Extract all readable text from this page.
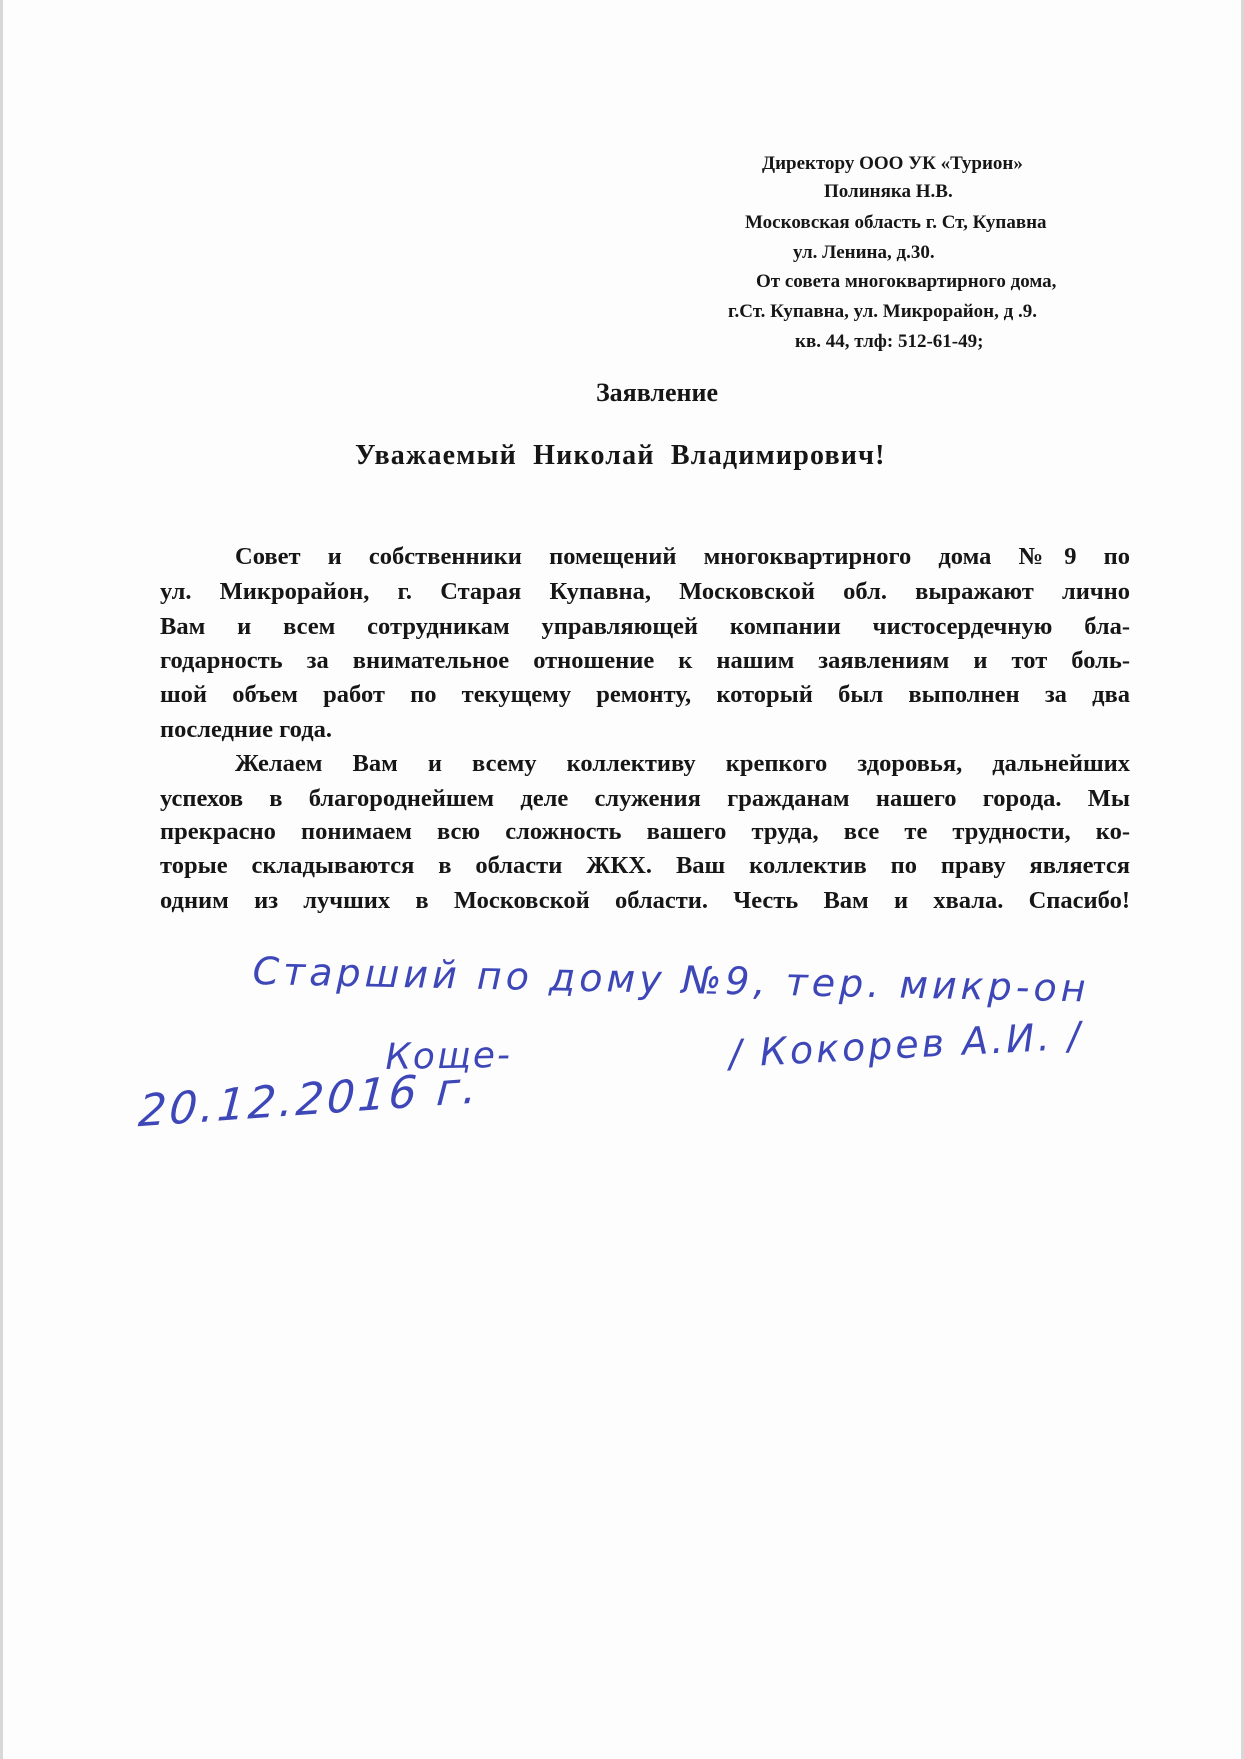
Директору ООО УК «Турион»
Полиняка Н.В.
Московская область г. Ст, Купавна
ул. Ленина, д.30.
От совета многоквартирного дома,
г.Ст. Купавна, ул. Микрорайон, д .9.
кв. 44, тлф: 512-61-49;
Заявление
Уважаемый Николай Владимирович!
Совет и собственники помещений многоквартирного дома №9 по
ул. Микрорайон, г. Старая Купавна, Московской обл. выражают лично
Вам и всем сотрудникам управляющей компании чистосердечную бла-
годарность за внимательное отношение к нашим заявлениям и тот боль-
шой объем работ по текущему ремонту, который был выполнен за два
последние года.
Желаем Вам и всему коллективу крепкого здоровья, дальнейших
успехов в благороднейшем деле служения гражданам нашего города. Мы
прекрасно понимаем всю сложность вашего труда, все те трудности, ко-
торые складываются в области ЖКХ. Ваш коллектив по праву является
одним из лучших в Московской области. Честь Вам и хвала. Спасибо!
Старший по дому №9, тер. микр-он
Коще-	/ Кокорев А.И. /
20.12.2016 г.
